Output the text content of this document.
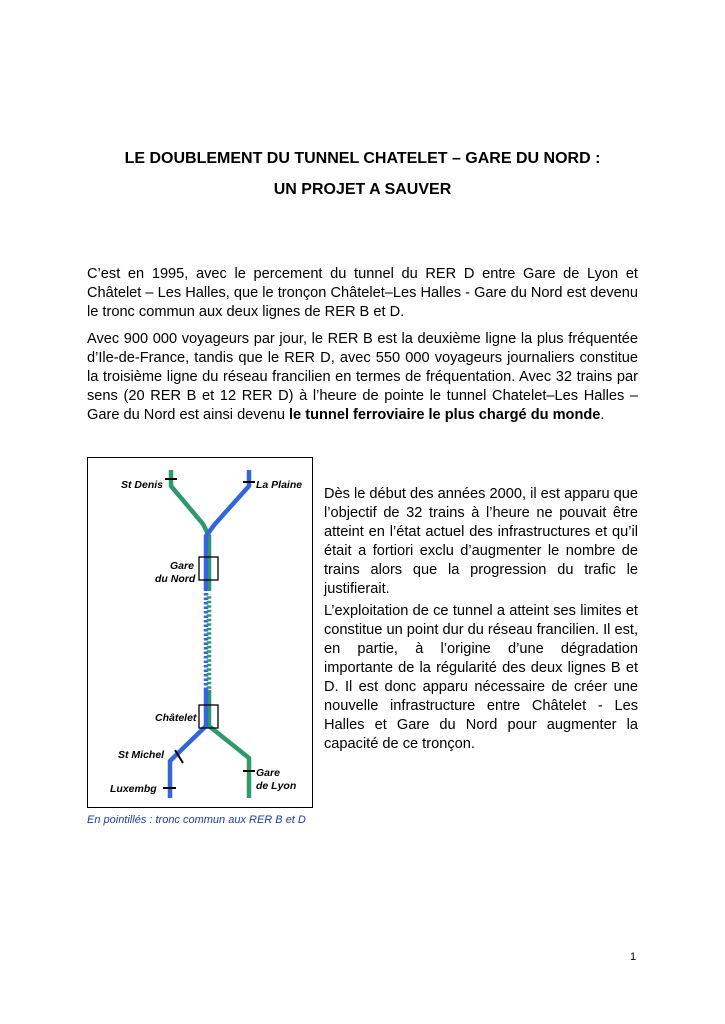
LE DOUBLEMENT DU TUNNEL CHATELET – GARE DU NORD :
UN PROJET A SAUVER

C’est en 1995, avec le percement du tunnel du RER D entre Gare de Lyon et Châtelet – Les Halles, que le tronçon Châtelet–Les Halles - Gare du Nord est devenu le tronc commun aux deux lignes de RER B et D.

Avec 900 000 voyageurs par jour, le RER B est la deuxième ligne la plus fréquentée d’Ile-de-France, tandis que le RER D, avec 550 000 voyageurs journaliers constitue la troisième ligne du réseau francilien en termes de fréquentation. Avec 32 trains par sens (20 RER B et 12 RER D) à l’heure de pointe le tunnel Chatelet–Les Halles – Gare du Nord est ainsi devenu le tunnel ferroviaire le plus chargé du monde.

St Denis	La Plaine
Gare
du Nord
Châtelet
St Michel
Luxembg
Gare
de Lyon

Dès le début des années 2000, il est apparu que l’objectif de 32 trains à l’heure ne pouvait être atteint en l’état actuel des infrastructures et qu’il était a fortiori exclu d’augmenter le nombre de trains alors que la progression du trafic le justifierait.

L’exploitation de ce tunnel a atteint ses limites et constitue un point dur du réseau francilien. Il est, en partie, à l’origine d’une dégradation importante de la régularité des deux lignes B et D. Il est donc apparu nécessaire de créer une nouvelle infrastructure entre Châtelet - Les Halles et Gare du Nord pour augmenter la capacité de ce tronçon.

En pointillés : tronc commun aux RER B et D
1
